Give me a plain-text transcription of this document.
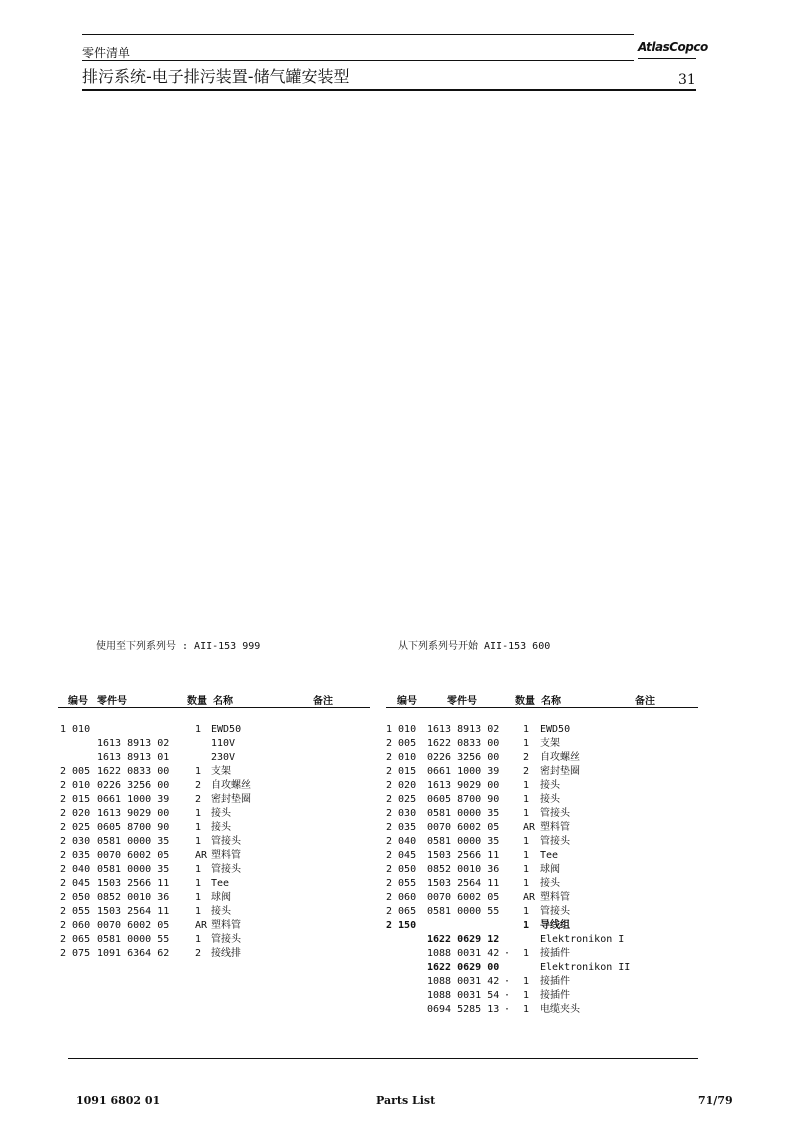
零件清单	AtlasCopco
排污系统-电子排污装置-储气罐安装型	31
使用至下列系列号 : AII-153 999	从下列系列号开始 AII-153 600
编号 零件号	数量 名称	备注	编号	零件号	数量 名称	备注
1 010	1 EWD50
1613 8913 02	110V
1613 8913 01	230V
2 005 1622 0833 00	1 支架
2 010 0226 3256 00	2 自攻螺丝
2 015 0661 1000 39	2 密封垫圈
2 020 1613 9029 00	1 接头
2 025 0605 8700 90	1 接头
2 030 0581 0000 35	1 管接头
2 035 0070 6002 05	AR 塑料管
2 040 0581 0000 35	1 管接头
2 045 1503 2566 11	1 Tee
2 050 0852 0010 36	1 球阀
2 055 1503 2564 11	1 接头
2 060 0070 6002 05	AR 塑料管
2 065 0581 0000 55	1 管接头
2 075 1091 6364 62	2 接线排
1 010 1613 8913 02 1 EWD50
2 005 1622 0833 00 1 支架
2 010 0226 3256 00 2 自攻螺丝
2 015 0661 1000 39 2 密封垫圈
2 020 1613 9029 00 1 接头
2 025 0605 8700 90 1 接头
2 030 0581 0000 35 1 管接头
2 035 0070 6002 05 AR 塑料管
2 040 0581 0000 35 1 管接头
2 045 1503 2566 11 1 Tee
2 050 0852 0010 36 1 球阀
2 055 1503 2564 11 1 接头
2 060 0070 6002 05 AR 塑料管
2 065 0581 0000 55 1 管接头
2 150	1 导线组
1622 0629 12	Elektronikon I
1088 0031 42 · 1 接插件
1622 0629 00	Elektronikon II
1088 0031 42 · 1 接插件
1088 0031 54 · 1 接插件
0694 5285 13 · 1 电缆夹头
1091 6802 01	Parts List	71/79
